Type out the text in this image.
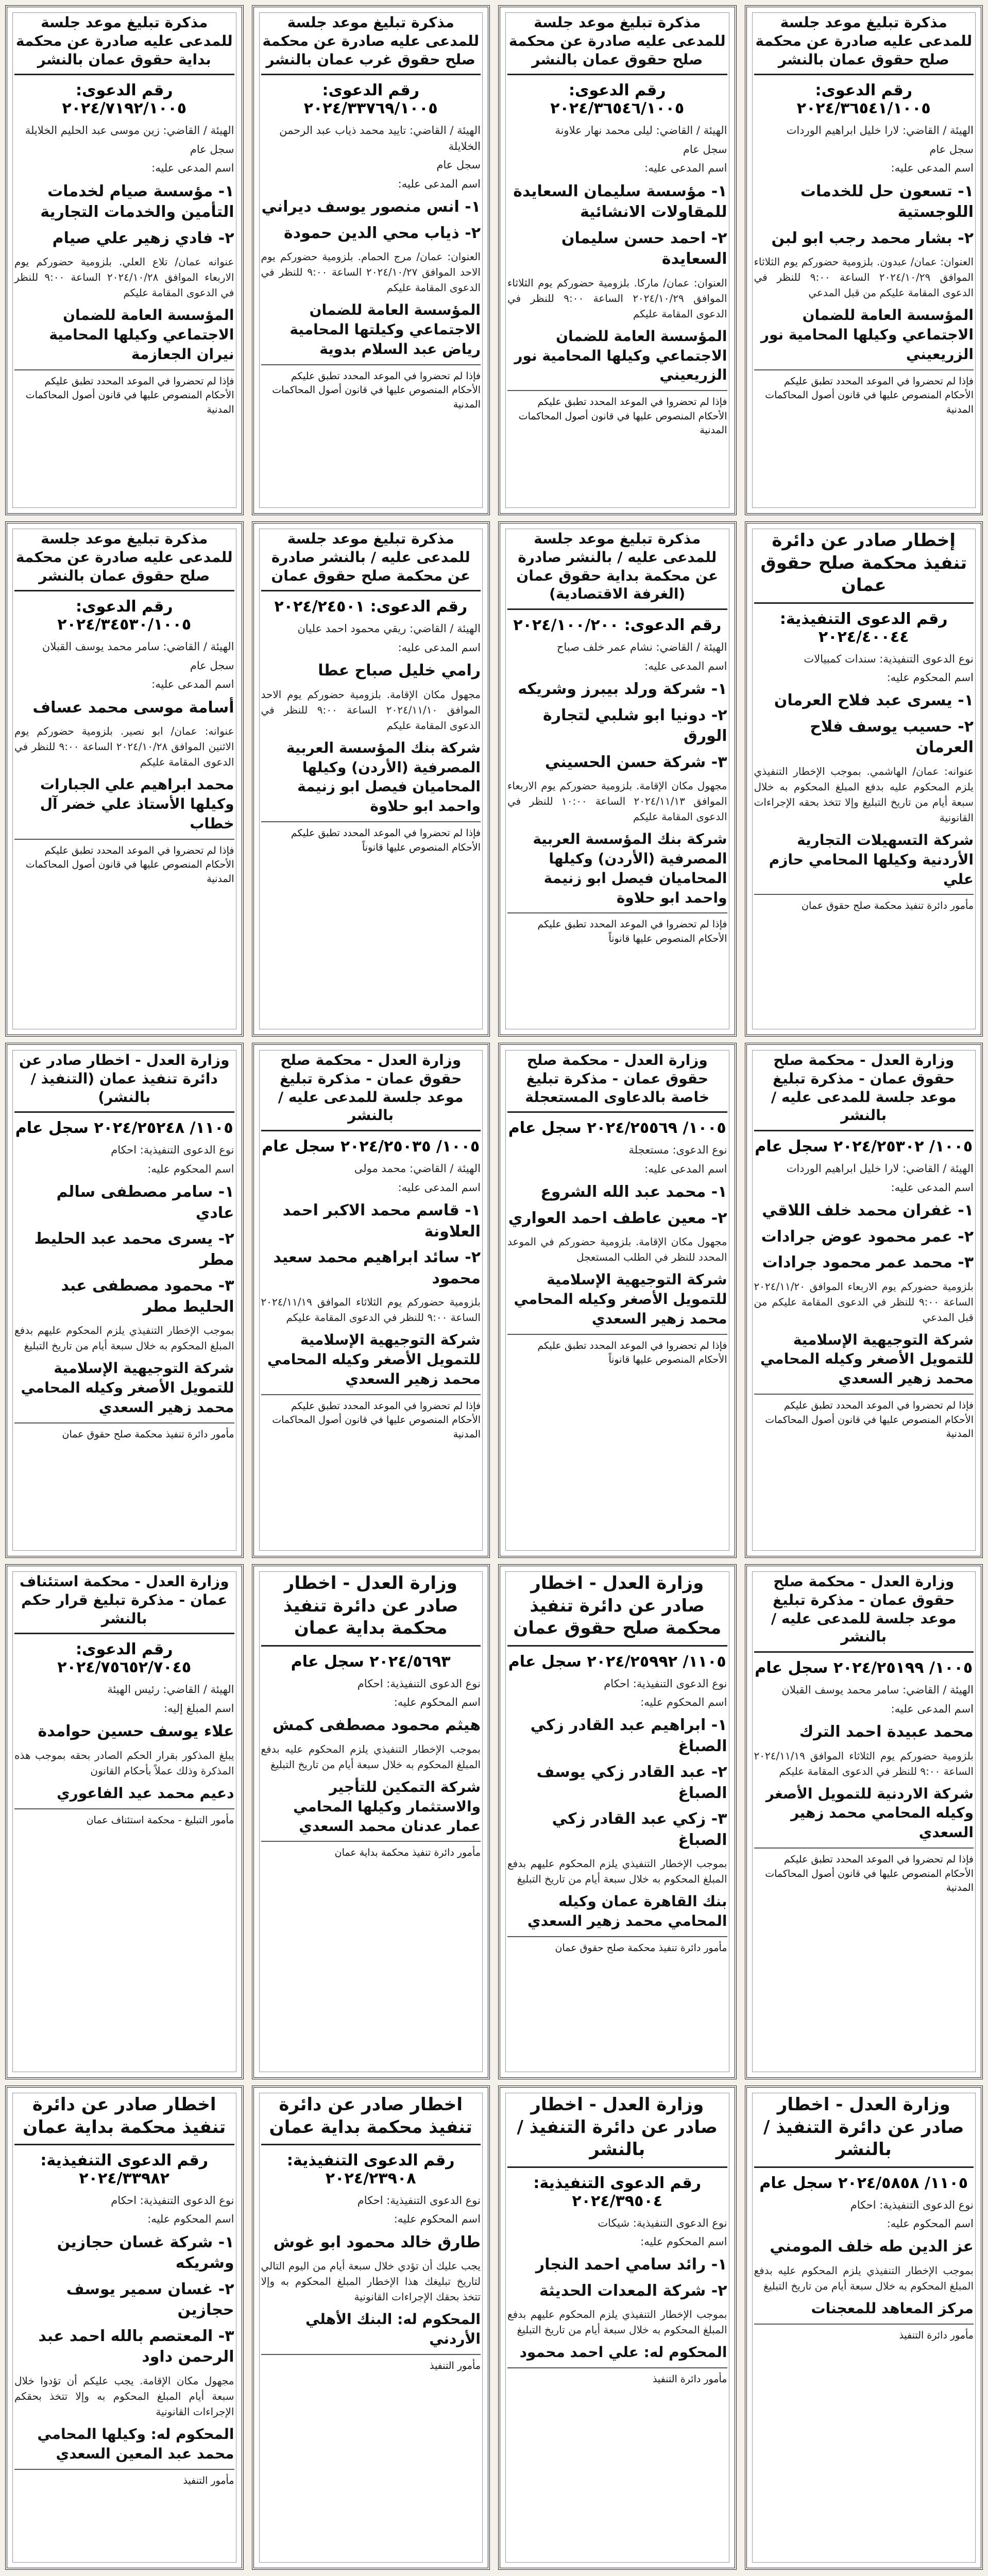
مذكرة تبليغ موعد جلسة للمدعى عليه صادرة عن محكمة صلح حقوق عمان بالنشر
رقم الدعوى: ٢٠٢٤/٣٦٥٤١/١٠٠٥
الهيئة / القاضي: لارا خليل ابراهيم الوردات
سجل عام
اسم المدعى عليه:
١- تسعون حل للخدمات اللوجستية
٢- بشار محمد رجب ابو لبن
العنوان: عمان/ عبدون. بلزومية حضوركم يوم الثلاثاء الموافق ٢٠٢٤/١٠/٢٩ الساعة ٩:٠٠ للنظر في الدعوى المقامة عليكم من قبل المدعي
المؤسسة العامة للضمان الاجتماعي وكيلها المحامية نور الزريعيني
فإذا لم تحضروا في الموعد المحدد تطبق عليكم الأحكام المنصوص عليها في قانون أصول المحاكمات المدنية
مذكرة تبليغ موعد جلسة للمدعى عليه صادرة عن محكمة صلح حقوق عمان بالنشر
رقم الدعوى: ٢٠٢٤/٣٦٥٤٦/١٠٠٥
الهيئة / القاضي: ليلى محمد نهار علاونة
سجل عام
اسم المدعى عليه:
١- مؤسسة سليمان السعايدة للمقاولات الانشائية
٢- احمد حسن سليمان السعايدة
العنوان: عمان/ ماركا. بلزومية حضوركم يوم الثلاثاء الموافق ٢٠٢٤/١٠/٢٩ الساعة ٩:٠٠ للنظر في الدعوى المقامة عليكم
المؤسسة العامة للضمان الاجتماعي وكيلها المحامية نور الزريعيني
فإذا لم تحضروا في الموعد المحدد تطبق عليكم الأحكام المنصوص عليها في قانون أصول المحاكمات المدنية
مذكرة تبليغ موعد جلسة للمدعى عليه صادرة عن محكمة صلح حقوق غرب عمان بالنشر
رقم الدعوى: ٢٠٢٤/٣٣٧٦٩/١٠٠٥
الهيئة / القاضي: تاييد محمد ذياب عبد الرحمن الخلايلة
سجل عام
اسم المدعى عليه:
١- انس منصور يوسف ديراني
٢- ذياب محي الدين حمودة
العنوان: عمان/ مرج الحمام. بلزومية حضوركم يوم الاحد الموافق ٢٠٢٤/١٠/٢٧ الساعة ٩:٠٠ للنظر في الدعوى المقامة عليكم
المؤسسة العامة للضمان الاجتماعي وكيلتها المحامية رياض عبد السلام بدوية
فإذا لم تحضروا في الموعد المحدد تطبق عليكم الأحكام المنصوص عليها في قانون أصول المحاكمات المدنية
مذكرة تبليغ موعد جلسة للمدعى عليه صادرة عن محكمة بداية حقوق عمان بالنشر
رقم الدعوى: ٢٠٢٤/٧١٩٢/١٠٠٥
الهيئة / القاضي: زين موسى عبد الحليم الخلايلة
سجل عام
اسم المدعى عليه:
١- مؤسسة صيام لخدمات التأمين والخدمات التجارية
٢- فادي زهير علي صيام
عنوانه عمان/ تلاع العلي. بلزومية حضوركم يوم الاربعاء الموافق ٢٠٢٤/١٠/٢٨ الساعة ٩:٠٠ للنظر في الدعوى المقامة عليكم
المؤسسة العامة للضمان الاجتماعي وكيلها المحامية نيران الجعازمة
فإذا لم تحضروا في الموعد المحدد تطبق عليكم الأحكام المنصوص عليها في قانون أصول المحاكمات المدنية
إخطار صادر عن دائرة تنفيذ محكمة صلح حقوق عمان
رقم الدعوى التنفيذية: ٢٠٢٤/٤٠٠٤٤
نوع الدعوى التنفيذية: سندات كمبيالات
اسم المحكوم عليه:
١- يسرى عبد فلاح العرمان
٢- حسيب يوسف فلاح العرمان
عنوانه: عمان/ الهاشمي. بموجب الإخطار التنفيذي يلزم المحكوم عليه بدفع المبلغ المحكوم به خلال سبعة أيام من تاريخ التبليغ وإلا تتخذ بحقه الإجراءات القانونية
شركة التسهيلات التجارية الأردنية وكيلها المحامي حازم علي
مأمور دائرة تنفيذ محكمة صلح حقوق عمان
مذكرة تبليغ موعد جلسة للمدعى عليه / بالنشر صادرة عن محكمة بداية حقوق عمان (الغرفة الاقتصادية)
رقم الدعوى: ٢٠٢٤/١٠٠/٢٠٠
الهيئة / القاضي: نشام عمر خلف صباح
اسم المدعى عليه:
١- شركة ورلد بيبرز وشريكه
٢- دونيا ابو شلبي لتجارة الورق
٣- شركة حسن الحسيني
مجهول مكان الإقامة. بلزومية حضوركم يوم الاربعاء الموافق ٢٠٢٤/١١/١٣ الساعة ١٠:٠٠ للنظر في الدعوى المقامة عليكم
شركة بنك المؤسسة العربية المصرفية (الأردن) وكيلها المحاميان فيصل ابو زنيمة واحمد ابو حلاوة
فإذا لم تحضروا في الموعد المحدد تطبق عليكم الأحكام المنصوص عليها قانوناً
مذكرة تبليغ موعد جلسة للمدعى عليه / بالنشر صادرة عن محكمة صلح حقوق عمان
رقم الدعوى: ٢٠٢٤/٢٤٥٠١
الهيئة / القاضي: ريقي محمود احمد عليان
اسم المدعى عليه:
رامي خليل صباح عطا
مجهول مكان الإقامة. بلزومية حضوركم يوم الاحد الموافق ٢٠٢٤/١١/١٠ الساعة ٩:٠٠ للنظر في الدعوى المقامة عليكم
شركة بنك المؤسسة العربية المصرفية (الأردن) وكيلها المحاميان فيصل ابو زنيمة واحمد ابو حلاوة
فإذا لم تحضروا في الموعد المحدد تطبق عليكم الأحكام المنصوص عليها قانوناً
مذكرة تبليغ موعد جلسة للمدعى عليه صادرة عن محكمة صلح حقوق عمان بالنشر
رقم الدعوى: ٢٠٢٤/٣٤٥٣٠/١٠٠٥
الهيئة / القاضي: سامر محمد يوسف القبلان
سجل عام
اسم المدعى عليه:
أسامة موسى محمد عساف
عنوانه: عمان/ ابو نصير. بلزومية حضوركم يوم الاثنين الموافق ٢٠٢٤/١٠/٢٨ الساعة ٩:٠٠ للنظر في الدعوى المقامة عليكم
محمد ابراهيم علي الجبارات وكيلها الأستاذ علي خضر آل خطاب
فإذا لم تحضروا في الموعد المحدد تطبق عليكم الأحكام المنصوص عليها في قانون أصول المحاكمات المدنية
وزارة العدل - محكمة صلح حقوق عمان - مذكرة تبليغ موعد جلسة للمدعى عليه / بالنشر
١٠٠٥/ ٢٠٢٤/٢٥٣٠٢ سجل عام
الهيئة / القاضي: لارا خليل ابراهيم الوردات
اسم المدعى عليه:
١- غفران محمد خلف اللاقي
٢- عمر محمود عوض جرادات
٣- محمد عمر محمود جرادات
بلزومية حضوركم يوم الاربعاء الموافق ٢٠٢٤/١١/٢٠ الساعة ٩:٠٠ للنظر في الدعوى المقامة عليكم من قبل المدعي
شركة التوجيهية الإسلامية للتمويل الأصغر وكيله المحامي محمد زهير السعدي
فإذا لم تحضروا في الموعد المحدد تطبق عليكم الأحكام المنصوص عليها في قانون أصول المحاكمات المدنية
وزارة العدل - محكمة صلح حقوق عمان - مذكرة تبليغ خاصة بالدعاوى المستعجلة
١٠٠٥/ ٢٠٢٤/٢٥٥٦٩ سجل عام
نوع الدعوى: مستعجلة
اسم المدعى عليه:
١- محمد عبد الله الشروع
٢- معين عاطف احمد العواري
مجهول مكان الإقامة. بلزومية حضوركم في الموعد المحدد للنظر في الطلب المستعجل
شركة التوجيهية الإسلامية للتمويل الأصغر وكيله المحامي محمد زهير السعدي
فإذا لم تحضروا في الموعد المحدد تطبق عليكم الأحكام المنصوص عليها قانوناً
وزارة العدل - محكمة صلح حقوق عمان - مذكرة تبليغ موعد جلسة للمدعى عليه / بالنشر
١٠٠٥/ ٢٠٢٤/٢٥٠٣٥ سجل عام
الهيئة / القاضي: محمد مولى
اسم المدعى عليه:
١- قاسم محمد الاكبر احمد العلاونة
٢- سائد ابراهيم محمد سعيد محمود
بلزومية حضوركم يوم الثلاثاء الموافق ٢٠٢٤/١١/١٩ الساعة ٩:٠٠ للنظر في الدعوى المقامة عليكم
شركة التوجيهية الإسلامية للتمويل الأصغر وكيله المحامي محمد زهير السعدي
فإذا لم تحضروا في الموعد المحدد تطبق عليكم الأحكام المنصوص عليها في قانون أصول المحاكمات المدنية
وزارة العدل - اخطار صادر عن دائرة تنفيذ عمان (التنفيذ / بالنشر)
١١٠٥/ ٢٠٢٤/٢٥٢٤٨ سجل عام
نوع الدعوى التنفيذية: احكام
اسم المحكوم عليه:
١- سامر مصطفى سالم عادي
٢- يسرى محمد عبد الحليط مطر
٣- محمود مصطفى عبد الحليط مطر
بموجب الإخطار التنفيذي يلزم المحكوم عليهم بدفع المبلغ المحكوم به خلال سبعة أيام من تاريخ التبليغ
شركة التوجيهية الإسلامية للتمويل الأصغر وكيله المحامي محمد زهير السعدي
مأمور دائرة تنفيذ محكمة صلح حقوق عمان
وزارة العدل - محكمة صلح حقوق عمان - مذكرة تبليغ موعد جلسة للمدعى عليه / بالنشر
١٠٠٥/ ٢٠٢٤/٢٥١٩٩ سجل عام
الهيئة / القاضي: سامر محمد يوسف القبلان
اسم المدعى عليه:
محمد عبيدة احمد الترك
بلزومية حضوركم يوم الثلاثاء الموافق ٢٠٢٤/١١/١٩ الساعة ٩:٠٠ للنظر في الدعوى المقامة عليكم
شركة الاردنية للتمويل الأصغر وكيله المحامي محمد زهير السعدي
فإذا لم تحضروا في الموعد المحدد تطبق عليكم الأحكام المنصوص عليها في قانون أصول المحاكمات المدنية
وزارة العدل - اخطار صادر عن دائرة تنفيذ محكمة صلح حقوق عمان
١١٠٥/ ٢٠٢٤/٢٥٩٩٢ سجل عام
نوع الدعوى التنفيذية: احكام
اسم المحكوم عليه:
١- ابراهيم عبد القادر زكي الصباغ
٢- عبد القادر زكي يوسف الصباغ
٣- زكي عبد القادر زكي الصباغ
بموجب الإخطار التنفيذي يلزم المحكوم عليهم بدفع المبلغ المحكوم به خلال سبعة أيام من تاريخ التبليغ
بنك القاهرة عمان وكيله المحامي محمد زهير السعدي
مأمور دائرة تنفيذ محكمة صلح حقوق عمان
وزارة العدل - اخطار صادر عن دائرة تنفيذ محكمة بداية عمان
٢٠٢٤/٥٦٩٣ سجل عام
نوع الدعوى التنفيذية: احكام
اسم المحكوم عليه:
هيثم محمود مصطفى كمش
بموجب الإخطار التنفيذي يلزم المحكوم عليه بدفع المبلغ المحكوم به خلال سبعة أيام من تاريخ التبليغ
شركة التمكين للتأجير والاستثمار وكيلها المحامي عمار عدنان محمد السعدي
مأمور دائرة تنفيذ محكمة بداية عمان
وزارة العدل - محكمة استئناف عمان - مذكرة تبليغ قرار حكم بالنشر
رقم الدعوى: ٢٠٢٤/٧٥٦٥٢/٧٠٤٥
الهيئة / القاضي: رئيس الهيئة
اسم المبلغ إليه:
علاء يوسف حسين حوامدة
يبلغ المذكور بقرار الحكم الصادر بحقه بموجب هذه المذكرة وذلك عملاً بأحكام القانون
دعيم محمد عيد الفاعوري
مأمور التبليغ - محكمة استئناف عمان
وزارة العدل - اخطار صادر عن دائرة التنفيذ / بالنشر
١١٠٥/ ٢٠٢٤/٥٨٥٨ سجل عام
نوع الدعوى التنفيذية: احكام
اسم المحكوم عليه:
عز الدين طه خلف المومني
بموجب الإخطار التنفيذي يلزم المحكوم عليه بدفع المبلغ المحكوم به خلال سبعة أيام من تاريخ التبليغ
مركز المعاهد للمعجنات
مأمور دائرة التنفيذ
وزارة العدل - اخطار صادر عن دائرة التنفيذ / بالنشر
رقم الدعوى التنفيذية: ٢٠٢٤/٣٩٥٠٤
نوع الدعوى التنفيذية: شيكات
اسم المحكوم عليه:
١- رائد سامي احمد النجار
٢- شركة المعدات الحديثة
بموجب الإخطار التنفيذي يلزم المحكوم عليهم بدفع المبلغ المحكوم به خلال سبعة أيام من تاريخ التبليغ
المحكوم له: علي احمد محمود
مأمور دائرة التنفيذ
اخطار صادر عن دائرة تنفيذ محكمة بداية عمان
رقم الدعوى التنفيذية: ٢٠٢٤/٢٣٩٠٨
نوع الدعوى التنفيذية: احكام
اسم المحكوم عليه:
طارق خالد محمود ابو غوش
يجب عليك أن تؤدي خلال سبعة أيام من اليوم التالي لتاريخ تبليغك هذا الإخطار المبلغ المحكوم به وإلا تتخذ بحقك الإجراءات القانونية
المحكوم له: البنك الأهلي الأردني
مأمور التنفيذ
اخطار صادر عن دائرة تنفيذ محكمة بداية عمان
رقم الدعوى التنفيذية: ٢٠٢٤/٣٣٩٨٢
نوع الدعوى التنفيذية: احكام
اسم المحكوم عليه:
١- شركة غسان حجازين وشريكه
٢- غسان سمير يوسف حجازين
٣- المعتصم بالله احمد عبد الرحمن داود
مجهول مكان الإقامة. يجب عليكم أن تؤدوا خلال سبعة أيام المبلغ المحكوم به وإلا تتخذ بحقكم الإجراءات القانونية
المحكوم له: وكيلها المحامي محمد عبد المعين السعدي
مأمور التنفيذ
